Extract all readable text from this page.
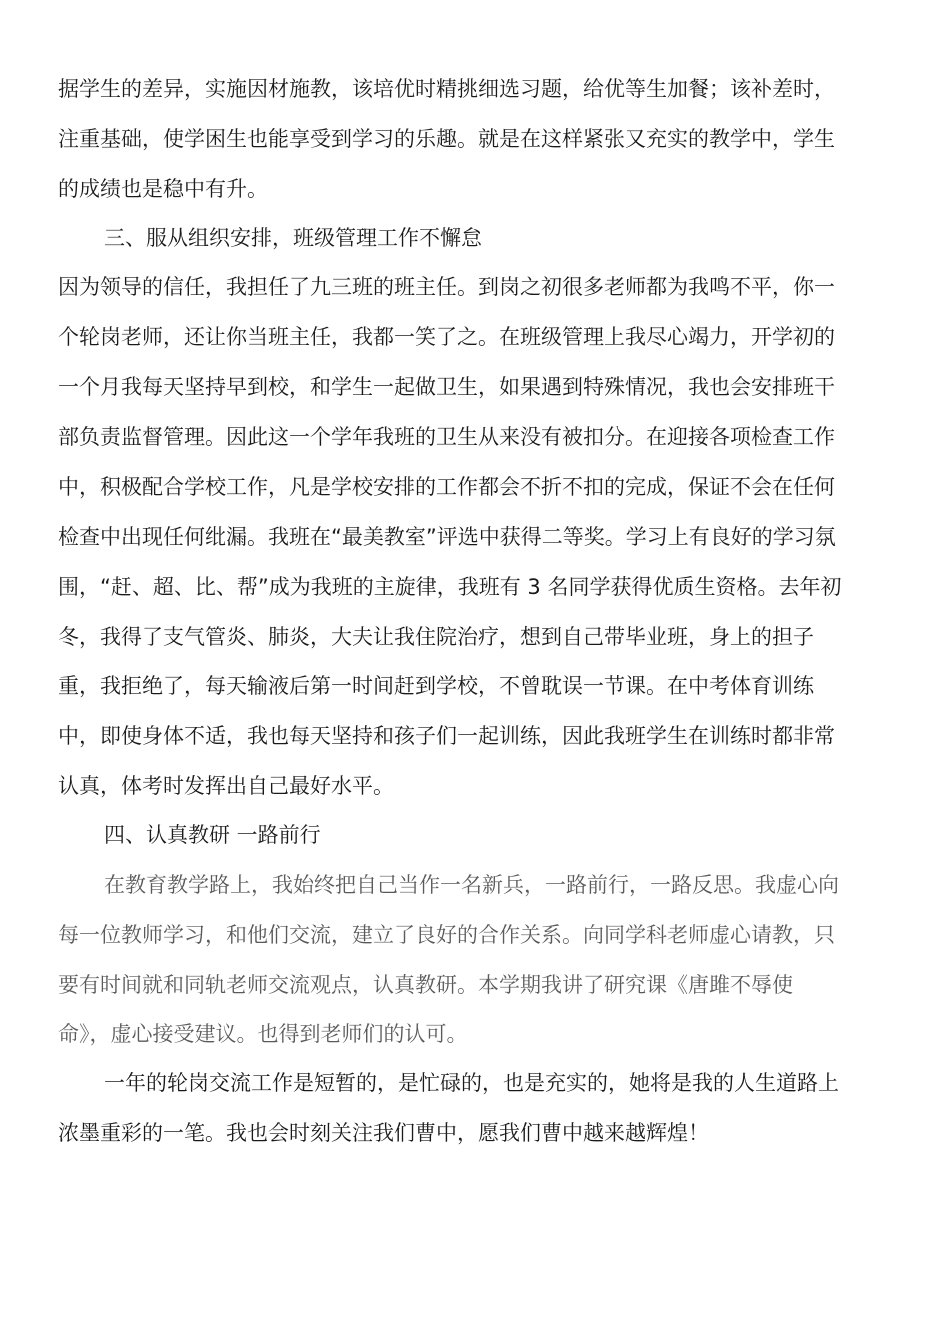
据学生的差异，实施因材施教，该培优时精挑细选习题，给优等生加餐；该补差时，
注重基础，使学困生也能享受到学习的乐趣。就是在这样紧张又充实的教学中，学生
的成绩也是稳中有升。
三、服从组织安排，班级管理工作不懈怠
因为领导的信任，我担任了九三班的班主任。到岗之初很多老师都为我鸣不平，你一
个轮岗老师，还让你当班主任，我都一笑了之。在班级管理上我尽心竭力，开学初的
一个月我每天坚持早到校，和学生一起做卫生，如果遇到特殊情况，我也会安排班干
部负责监督管理。因此这一个学年我班的卫生从来没有被扣分。在迎接各项检查工作
中，积极配合学校工作，凡是学校安排的工作都会不折不扣的完成，保证不会在任何
检查中出现任何纰漏。我班在“最美教室”评选中获得二等奖。学习上有良好的学习氛
围，“赶、超、比、帮”成为我班的主旋律，我班有 3 名同学获得优质生资格。去年初
冬，我得了支气管炎、肺炎，大夫让我住院治疗，想到自己带毕业班，身上的担子
重，我拒绝了，每天输液后第一时间赶到学校，不曾耽误一节课。在中考体育训练
中，即使身体不适，我也每天坚持和孩子们一起训练，因此我班学生在训练时都非常
认真，体考时发挥出自己最好水平。
四、认真教研 一路前行
在教育教学路上，我始终把自己当作一名新兵，一路前行，一路反思。我虚心向
每一位教师学习，和他们交流，建立了良好的合作关系。向同学科老师虚心请教，只
要有时间就和同轨老师交流观点，认真教研。本学期我讲了研究课《唐雎不辱使
命》，虚心接受建议。也得到老师们的认可。
一年的轮岗交流工作是短暂的，是忙碌的，也是充实的，她将是我的人生道路上
浓墨重彩的一笔。我也会时刻关注我们曹中，愿我们曹中越来越辉煌！
